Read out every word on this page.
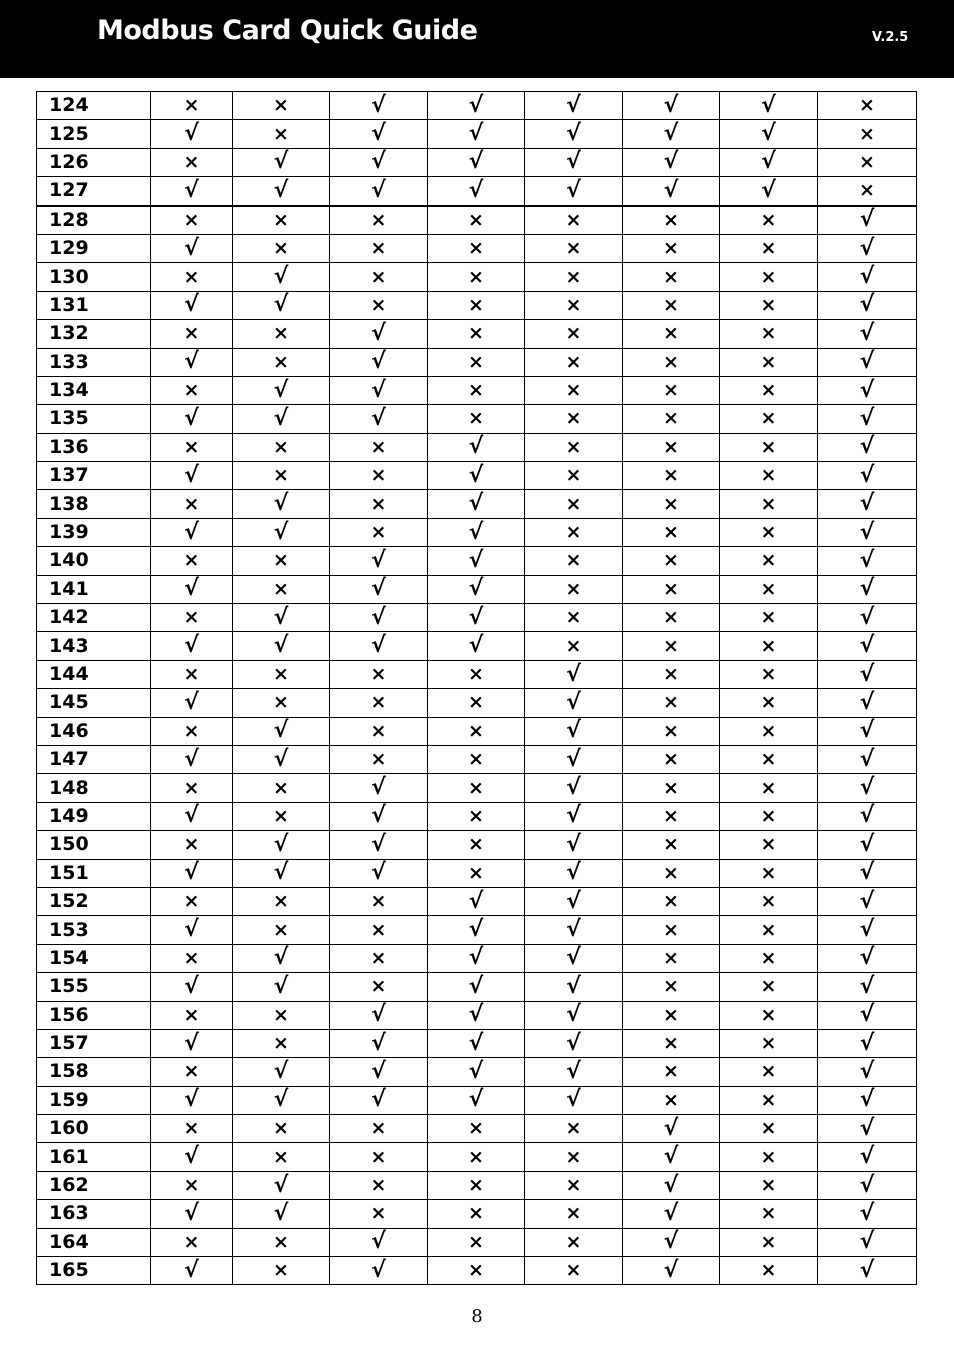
Modbus Card Quick Guide	V.2.5
124	×	×	√	√	√	√	√	×
125	√	×	√	√	√	√	√	×
126	×	√	√	√	√	√	√	×
127	√	√	√	√	√	√	√	×
128	×	×	×	×	×	×	×	√
129	√	×	×	×	×	×	×	√
130	×	√	×	×	×	×	×	√
131	√	√	×	×	×	×	×	√
132	×	×	√	×	×	×	×	√
133	√	×	√	×	×	×	×	√
134	×	√	√	×	×	×	×	√
135	√	√	√	×	×	×	×	√
136	×	×	×	√	×	×	×	√
137	√	×	×	√	×	×	×	√
138	×	√	×	√	×	×	×	√
139	√	√	×	√	×	×	×	√
140	×	×	√	√	×	×	×	√
141	√	×	√	√	×	×	×	√
142	×	√	√	√	×	×	×	√
143	√	√	√	√	×	×	×	√
144	×	×	×	×	√	×	×	√
145	√	×	×	×	√	×	×	√
146	×	√	×	×	√	×	×	√
147	√	√	×	×	√	×	×	√
148	×	×	√	×	√	×	×	√
149	√	×	√	×	√	×	×	√
150	×	√	√	×	√	×	×	√
151	√	√	√	×	√	×	×	√
152	×	×	×	√	√	×	×	√
153	√	×	×	√	√	×	×	√
154	×	√	×	√	√	×	×	√
155	√	√	×	√	√	×	×	√
156	×	×	√	√	√	×	×	√
157	√	×	√	√	√	×	×	√
158	×	√	√	√	√	×	×	√
159	√	√	√	√	√	×	×	√
160	×	×	×	×	×	√	×	√
161	√	×	×	×	×	√	×	√
162	×	√	×	×	×	√	×	√
163	√	√	×	×	×	√	×	√
164	×	×	√	×	×	√	×	√
165	√	×	√	×	×	√	×	√
8
